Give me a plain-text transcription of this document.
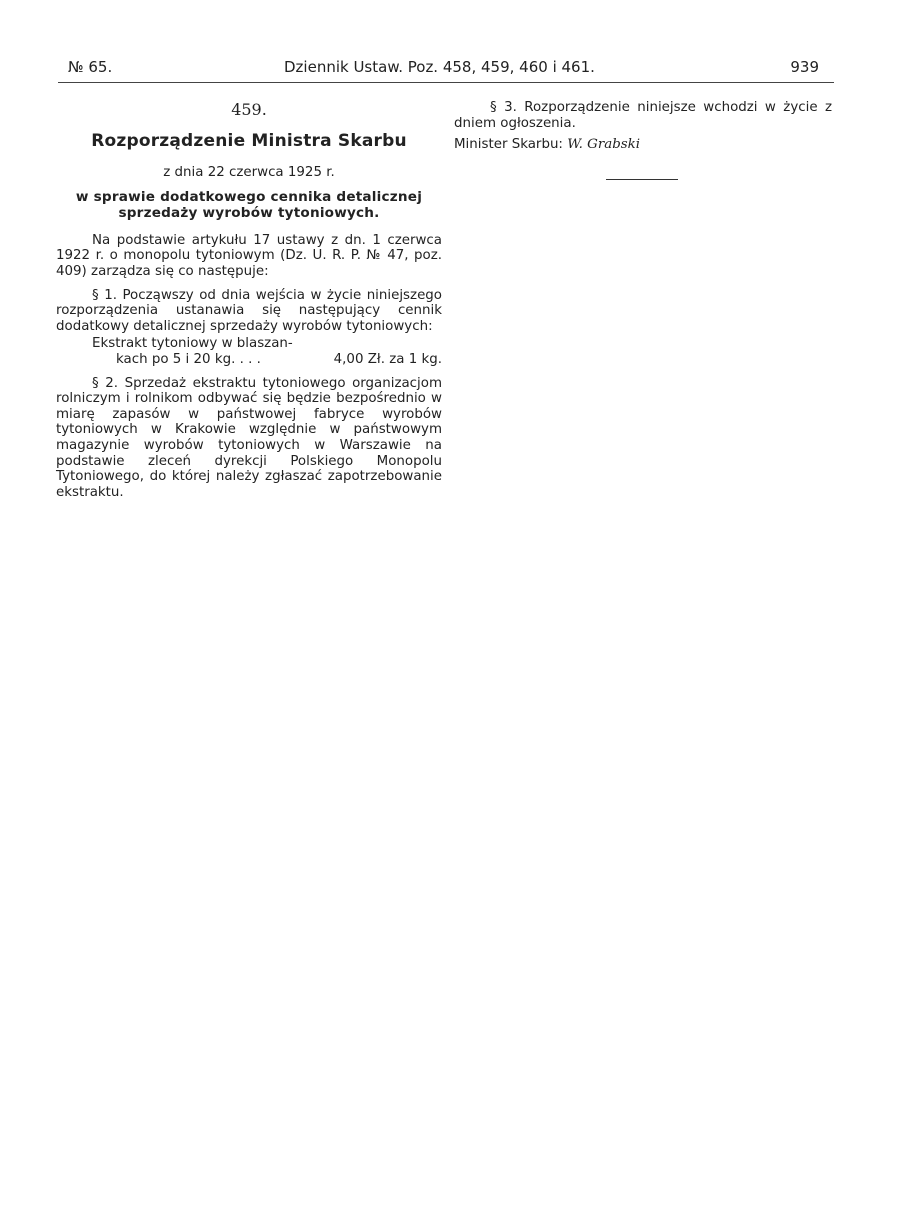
№ 65.	Dziennik Ustaw. Poz. 458, 459, 460 i 461.	939
459.
Rozporządzenie Ministra Skarbu
z dnia 22 czerwca 1925 r.
w sprawie dodatkowego cennika detalicznej sprzedaży wyrobów tytoniowych.

Na podstawie artykułu 17 ustawy z dn. 1 czerwca 1922 r. o monopolu tytoniowym (Dz. U. R. P. № 47, poz. 409) zarządza się co następuje:

§ 1. Począwszy od dnia wejścia w życie niniejszego rozporządzenia ustanawia się następujący cennik dodatkowy detalicznej sprzedaży wyrobów tytoniowych:

Ekstrakt tytoniowy w blaszan-
kach po 5 i 20 kg. . . .	4,00 Zł. za 1 kg.

§ 2. Sprzedaż ekstraktu tytoniowego organizacjom rolniczym i rolnikom odbywać się będzie bezpośrednio w miarę zapasów w państwowej fabryce wyrobów tytoniowych w Krakowie względnie w państwowym magazynie wyrobów tytoniowych w Warszawie na podstawie zleceń dyrekcji Polskiego Monopolu Tytoniowego, do której należy zgłaszać zapotrzebowanie ekstraktu.

§ 3. Rozporządzenie niniejsze wchodzi w życie z dniem ogłoszenia.

Minister Skarbu: W. Grabski
